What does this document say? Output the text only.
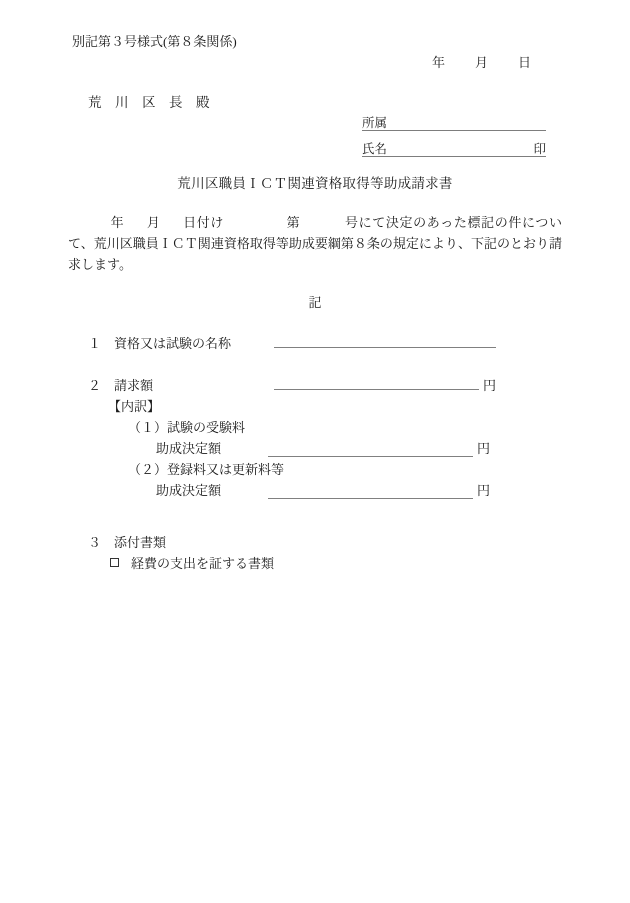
別記第３号様式(第８条関係)
年 月 日
荒　川　区　長　殿
所属
氏名	印
荒川区職員ＩＣＴ関連資格取得等助成請求書
年 月 日付け	第	号にて決定のあった標記の件について、荒川区職員ＩＣＴ関連資格取得等助成要綱第８条の規定により、下記のとおり請求します。
記
１ 資格又は試験の名称
２ 請求額	円
【内訳】
（１）試験の受験料
助成決定額	円
（２）登録料又は更新料等
助成決定額	円
３ 添付書類
経費の支出を証する書類
